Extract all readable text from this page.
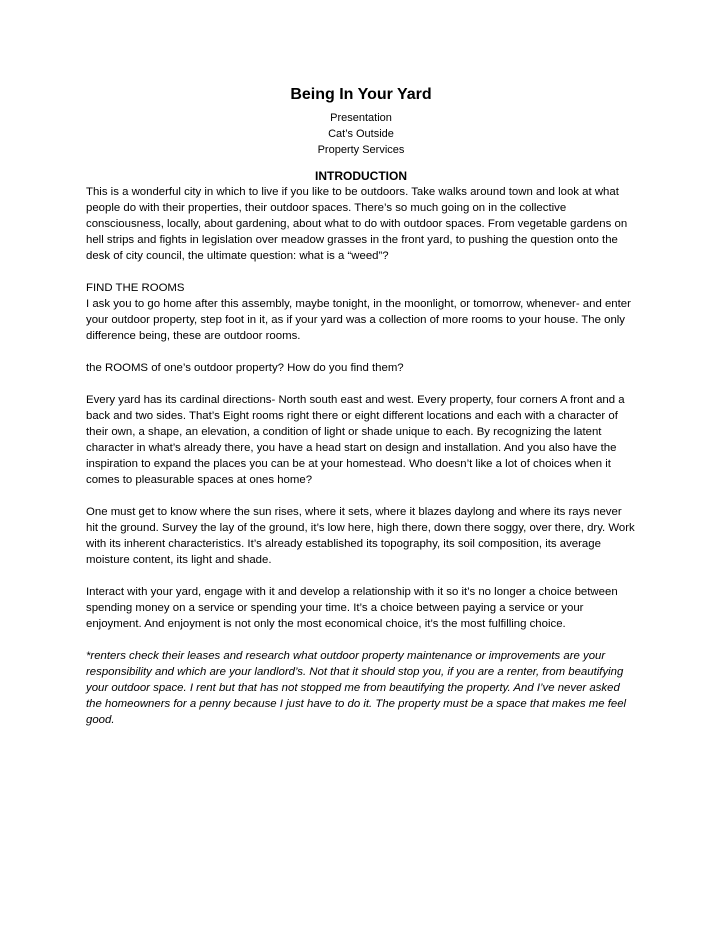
Being In Your Yard
Presentation
Cat’s Outside
Property Services
INTRODUCTION

This is a wonderful city in which to live if you like to be outdoors. Take walks around town and look at what people do with their properties, their outdoor spaces. There’s so much going on in the collective consciousness, locally, about gardening, about what to do with outdoor spaces. From vegetable gardens on hell strips and fights in legislation over meadow grasses in the front yard, to pushing the question onto the desk of city council, the ultimate question: what is a “weed”?

FIND THE ROOMS
I ask you to go home after this assembly, maybe tonight, in the moonlight, or tomorrow, whenever- and enter your outdoor property, step foot in it, as if your yard was a collection of more rooms to your house. The only difference being, these are outdoor rooms.

the ROOMS of one’s outdoor property? How do you find them?

Every yard has its cardinal directions- North south east and west. Every property, four corners A front and a back and two sides. That’s Eight rooms right there or eight different locations and each with a character of their own, a shape, an elevation, a condition of light or shade unique to each. By recognizing the latent character in what’s already there, you have a head start on design and installation. And you also have the inspiration to expand the places you can be at your homestead. Who doesn’t like a lot of choices when it comes to pleasurable spaces at ones home?

One must get to know where the sun rises, where it sets, where it blazes daylong and where its rays never hit the ground. Survey the lay of the ground, it’s low here, high there, down there soggy, over there, dry. Work with its inherent characteristics. It’s already established its topography, its soil composition, its average moisture content, its light and shade.

Interact with your yard, engage with it and develop a relationship with it so it’s no longer a choice between spending money on a service or spending your time. It’s a choice between paying a service or your enjoyment. And enjoyment is not only the most economical choice, it’s the most fulfilling choice.

*renters check their leases and research what outdoor property maintenance or improvements are your responsibility and which are your landlord’s. Not that it should stop you, if you are a renter, from beautifying your outdoor space. I rent but that has not stopped me from beautifying the property. And I’ve never asked the homeowners for a penny because I just have to do it. The property must be a space that makes me feel good.
